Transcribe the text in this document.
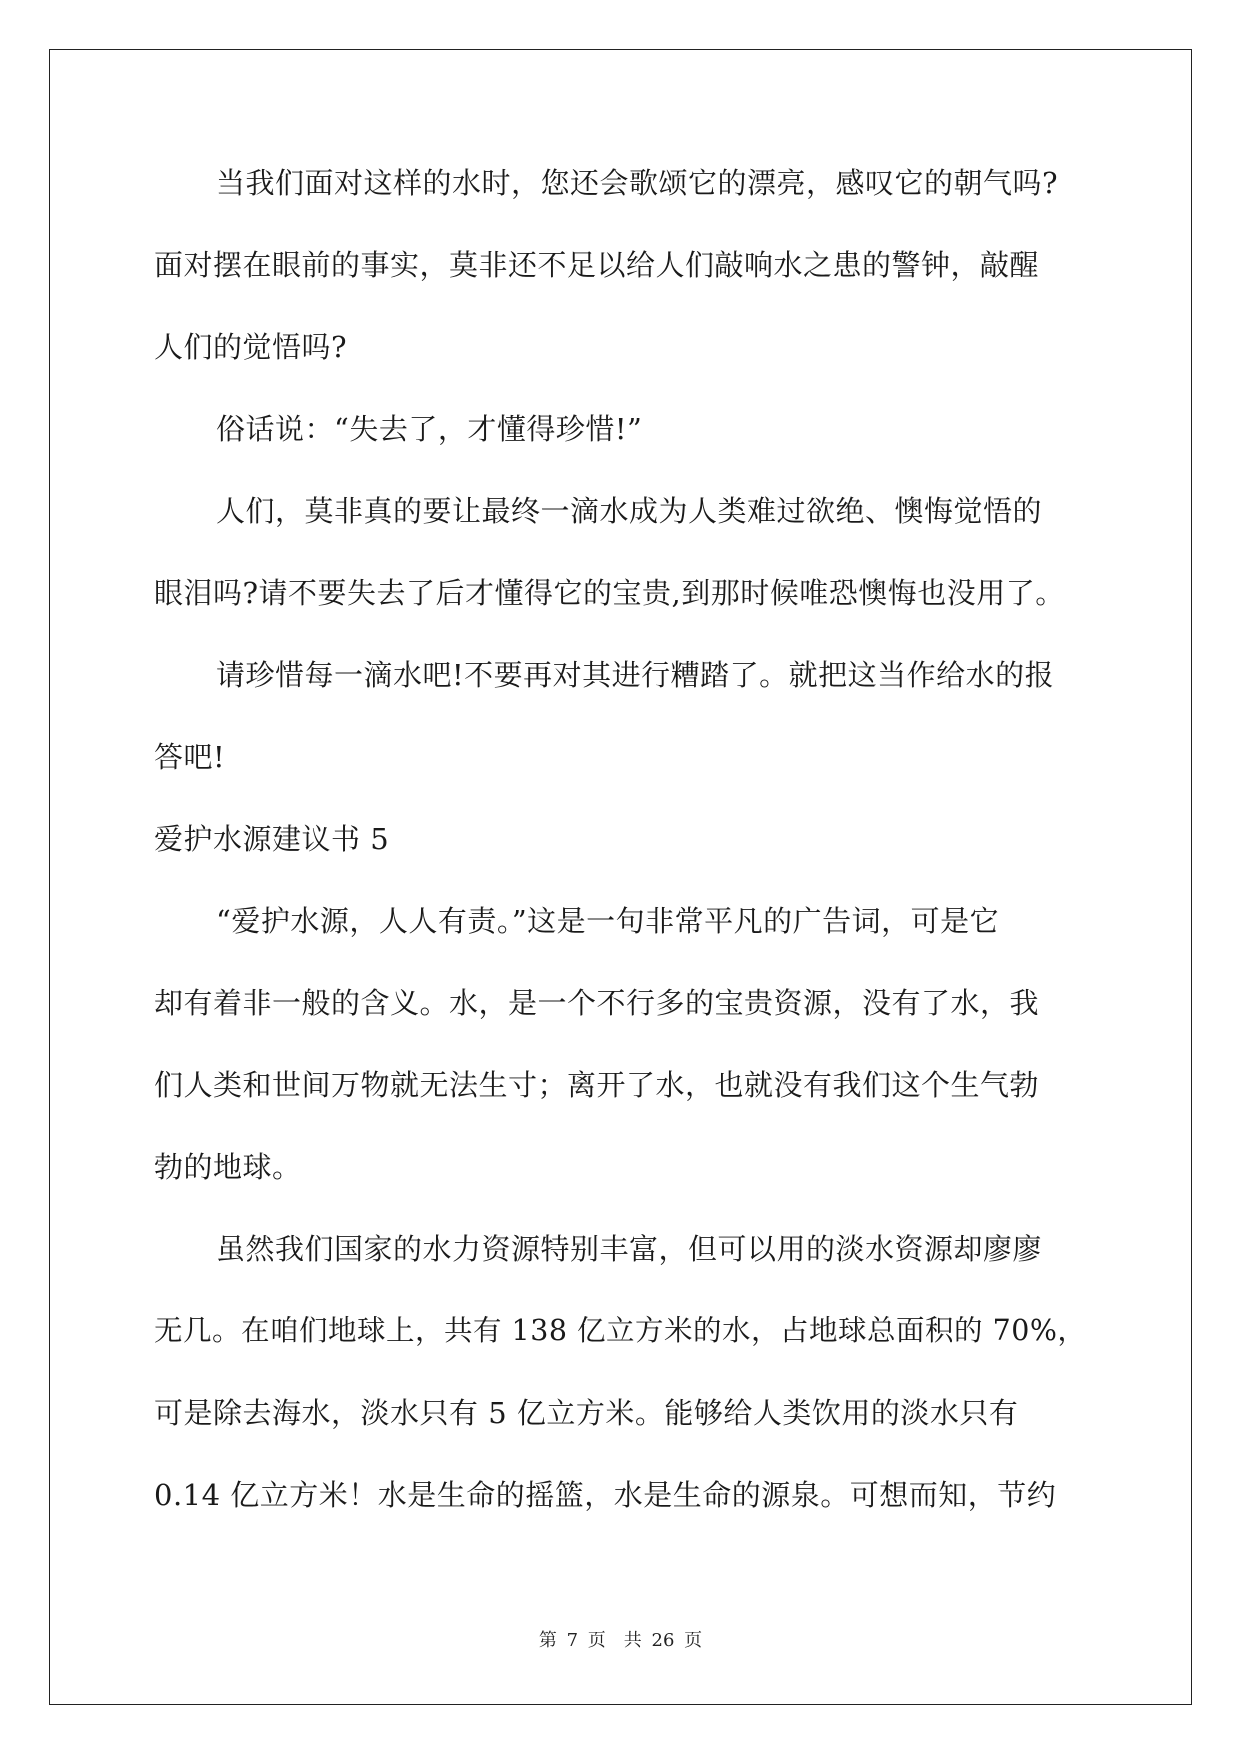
当我们面对这样的水时，您还会歌颂它的漂亮，感叹它的朝气吗?
面对摆在眼前的事实，莫非还不足以给人们敲响水之患的警钟，敲醒
人们的觉悟吗?
俗话说：“失去了，才懂得珍惜!”
人们，莫非真的要让最终一滴水成为人类难过欲绝、懊悔觉悟的
眼泪吗?请不要失去了后才懂得它的宝贵,到那时候唯恐懊悔也没用了。
请珍惜每一滴水吧!不要再对其进行糟踏了。就把这当作给水的报
答吧!
爱护水源建议书 5
“爱护水源，人人有责。”这是一句非常平凡的广告词，可是它
却有着非一般的含义。水，是一个不行多的宝贵资源，没有了水，我
们人类和世间万物就无法生寸；离开了水，也就没有我们这个生气勃
勃的地球。
虽然我们国家的水力资源特别丰富，但可以用的淡水资源却廖廖
无几。在咱们地球上，共有 138 亿立方米的水，占地球总面积的 70%，
可是除去海水，淡水只有 5 亿立方米。能够给人类饮用的淡水只有
0.14 亿立方米！水是生命的摇篮，水是生命的源泉。可想而知，节约
第 7 页 共 26 页
